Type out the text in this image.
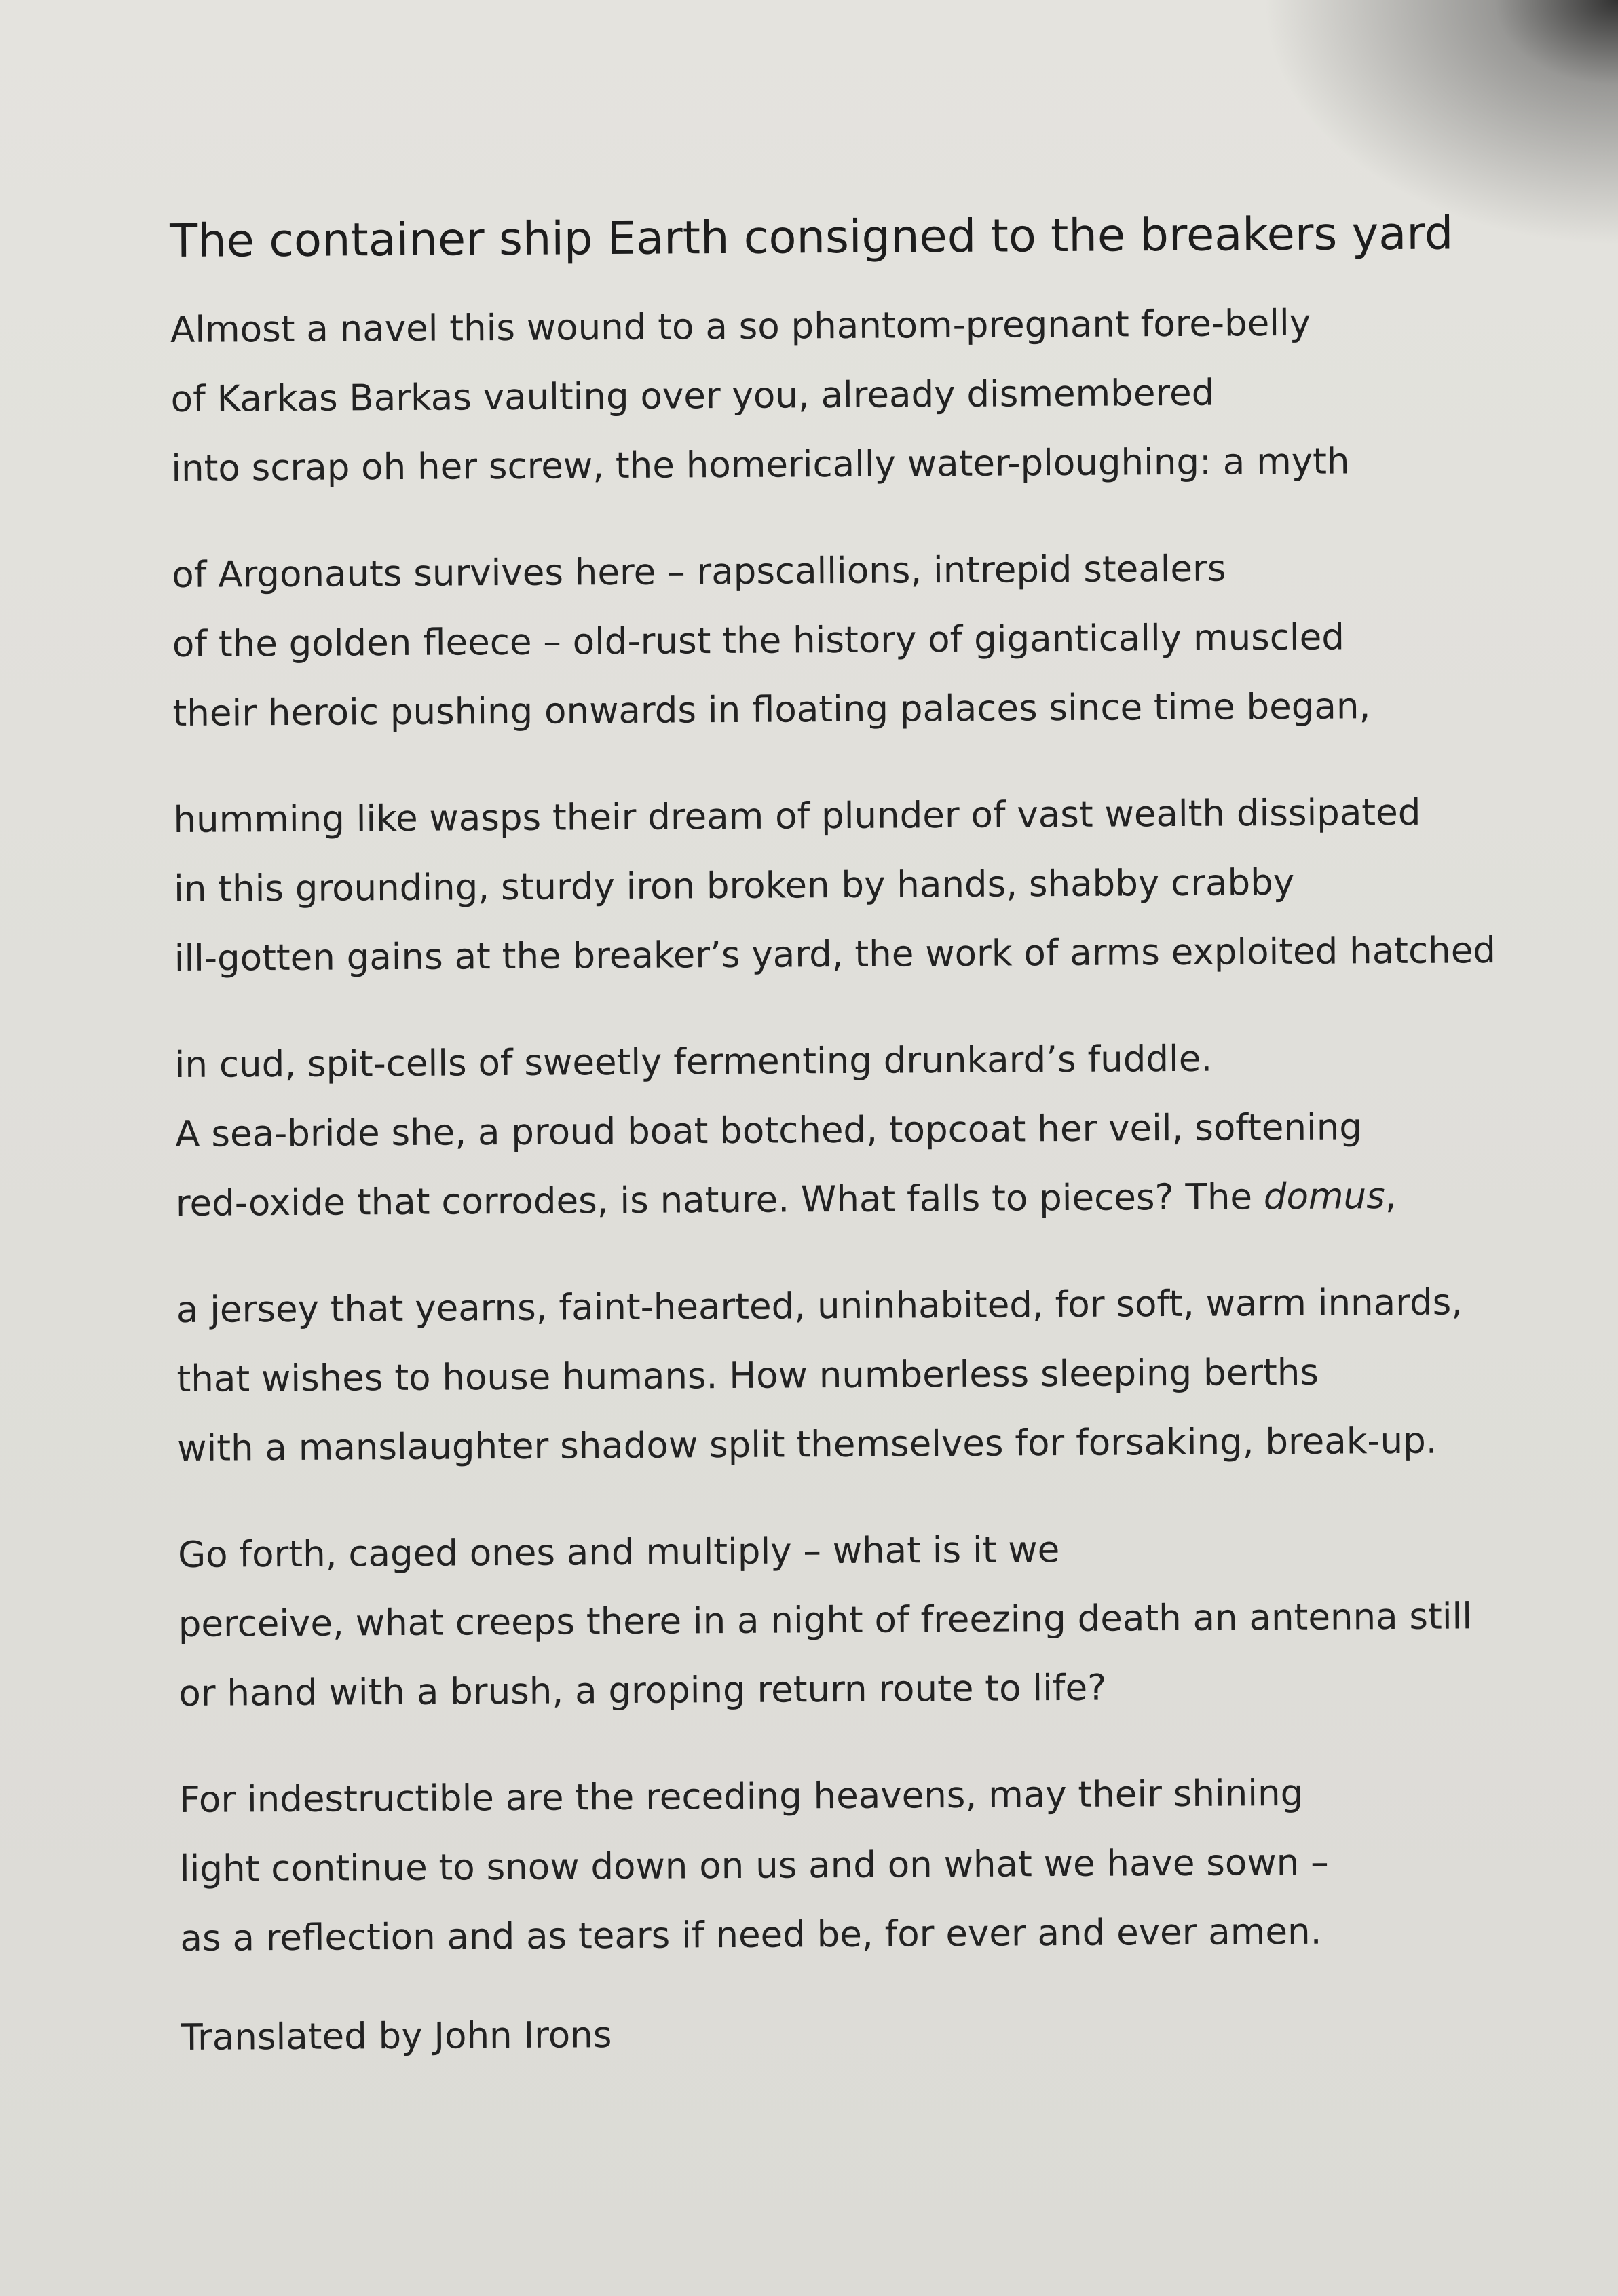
The container ship Earth consigned to the breakers yard
Almost a navel this wound to a so phantom-pregnant fore-belly
of Karkas Barkas vaulting over you, already dismembered
into scrap oh her screw, the homerically water-ploughing: a myth
of Argonauts survives here – rapscallions, intrepid stealers
of the golden fleece – old-rust the history of gigantically muscled
their heroic pushing onwards in floating palaces since time began,
humming like wasps their dream of plunder of vast wealth dissipated
in this grounding, sturdy iron broken by hands, shabby crabby
ill-gotten gains at the breaker’s yard, the work of arms exploited hatched
in cud, spit-cells of sweetly fermenting drunkard’s fuddle.
A sea-bride she, a proud boat botched, topcoat her veil, softening
red-oxide that corrodes, is nature. What falls to pieces? The domus,
a jersey that yearns, faint-hearted, uninhabited, for soft, warm innards,
that wishes to house humans. How numberless sleeping berths
with a manslaughter shadow split themselves for forsaking, break-up.
Go forth, caged ones and multiply – what is it we
perceive, what creeps there in a night of freezing death an antenna still
or hand with a brush, a groping return route to life?
For indestructible are the receding heavens, may their shining
light continue to snow down on us and on what we have sown –
as a reflection and as tears if need be, for ever and ever amen.
Translated by John Irons
